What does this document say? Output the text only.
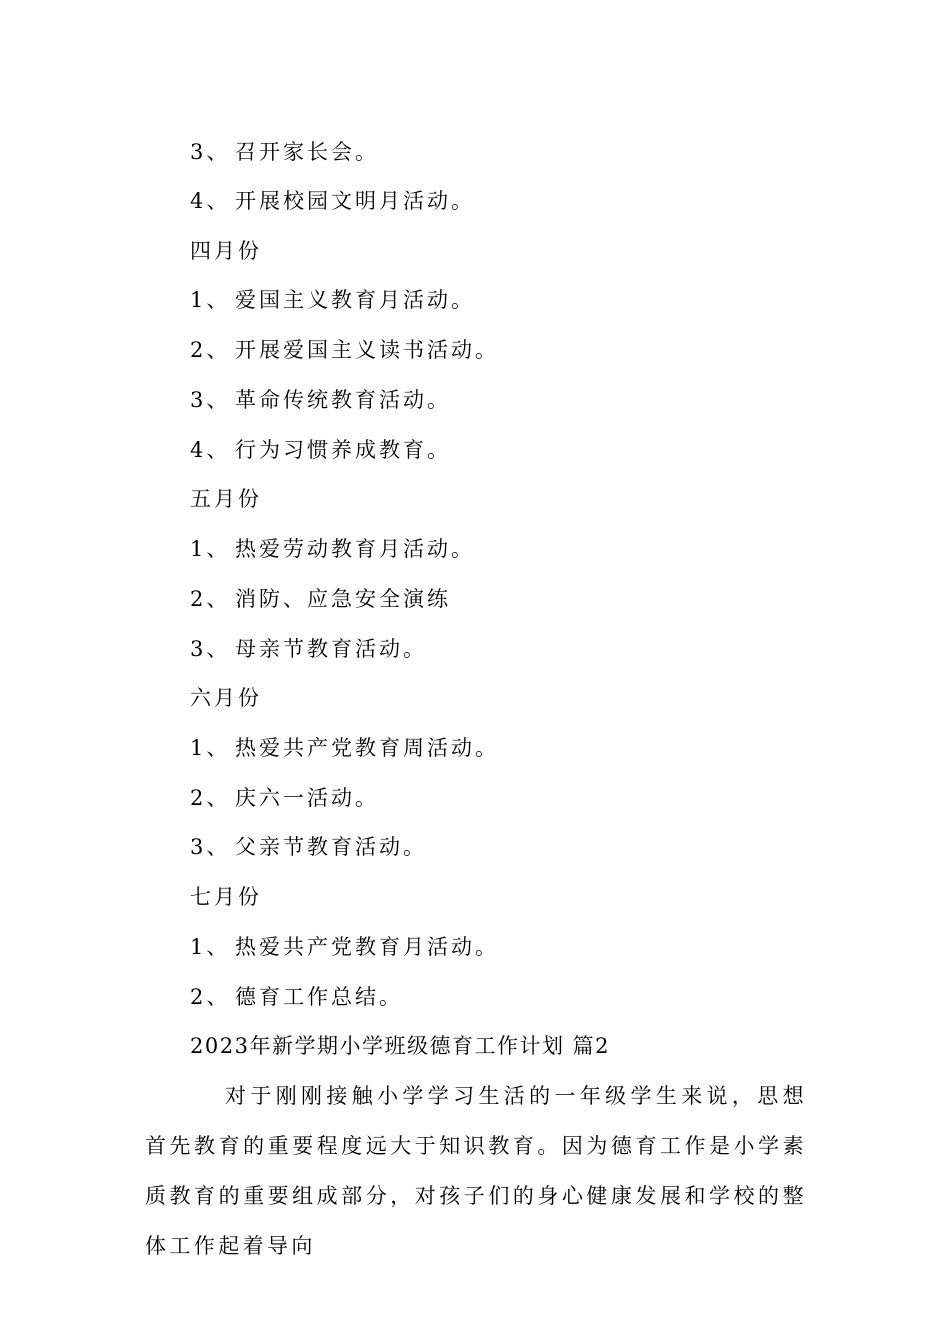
3、 召开家长会。
4、 开展校园文明月活动。
四月份
1、 爱国主义教育月活动。
2、 开展爱国主义读书活动。
3、 革命传统教育活动。
4、 行为习惯养成教育。
五月份
1、 热爱劳动教育月活动。
2、 消防、应急安全演练
3、 母亲节教育活动。
六月份
1、 热爱共产党教育周活动。
2、 庆六一活动。
3、 父亲节教育活动。
七月份
1、 热爱共产党教育月活动。
2、 德育工作总结。
2023年新学期小学班级德育工作计划 篇2
对于刚刚接触小学学习生活的一年级学生来说，思想首先教育的重要程度远大于知识教育。因为德育工作是小学素质教育的重要组成部分，对孩子们的身心健康发展和学校的整体工作起着导向
